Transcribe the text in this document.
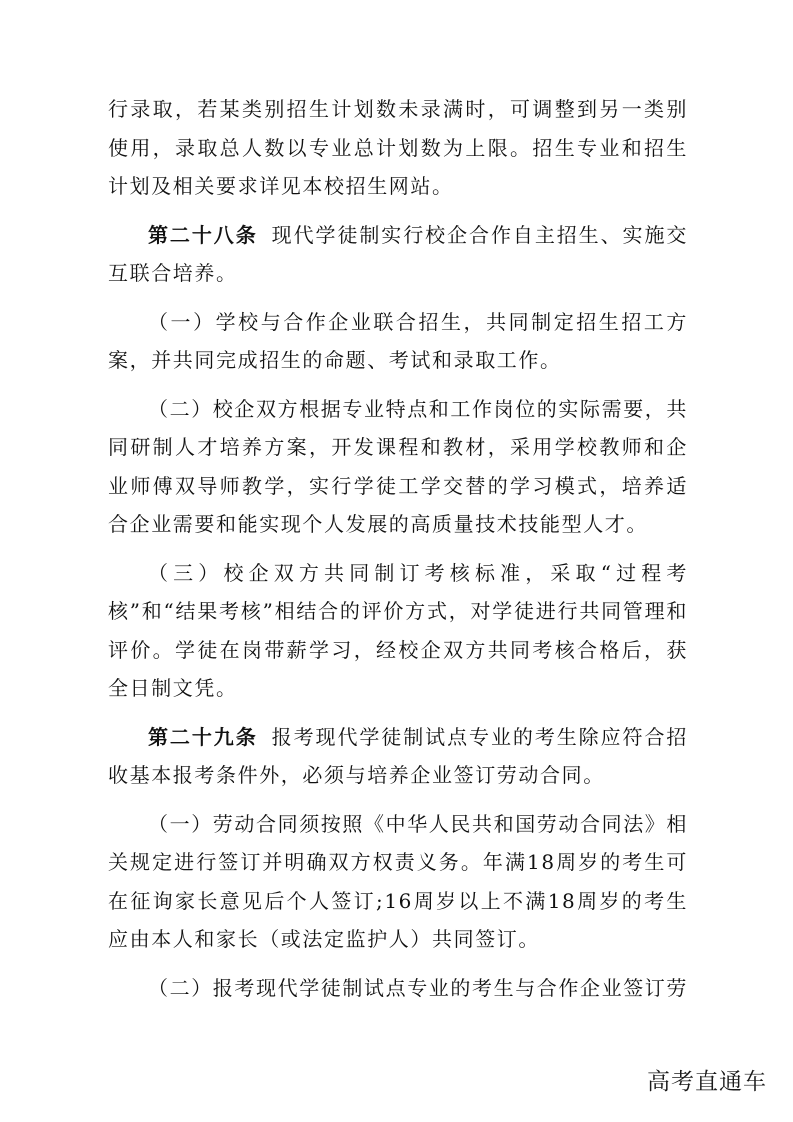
行录取，若某类别招生计划数未录满时，可调整到另一类别使用，录取总人数以专业总计划数为上限。招生专业和招生计划及相关要求详见本校招生网站。

第二十八条 现代学徒制实行校企合作自主招生、实施交互联合培养。

（一）学校与合作企业联合招生，共同制定招生招工方案，并共同完成招生的命题、考试和录取工作。

（二）校企双方根据专业特点和工作岗位的实际需要，共同研制人才培养方案，开发课程和教材，采用学校教师和企业师傅双导师教学，实行学徒工学交替的学习模式，培养适合企业需要和能实现个人发展的高质量技术技能型人才。

（三）校企双方共同制订考核标准，采取“过程考核”和“结果考核”相结合的评价方式，对学徒进行共同管理和评价。学徒在岗带薪学习，经校企双方共同考核合格后，获全日制文凭。

第二十九条 报考现代学徒制试点专业的考生除应符合招收基本报考条件外，必须与培养企业签订劳动合同。

（一）劳动合同须按照《中华人民共和国劳动合同法》相关规定进行签订并明确双方权责义务。年满18周岁的考生可在征询家长意见后个人签订;16周岁以上不满18周岁的考生应由本人和家长（或法定监护人）共同签订。

（二）报考现代学徒制试点专业的考生与合作企业签订劳

高考直通车
